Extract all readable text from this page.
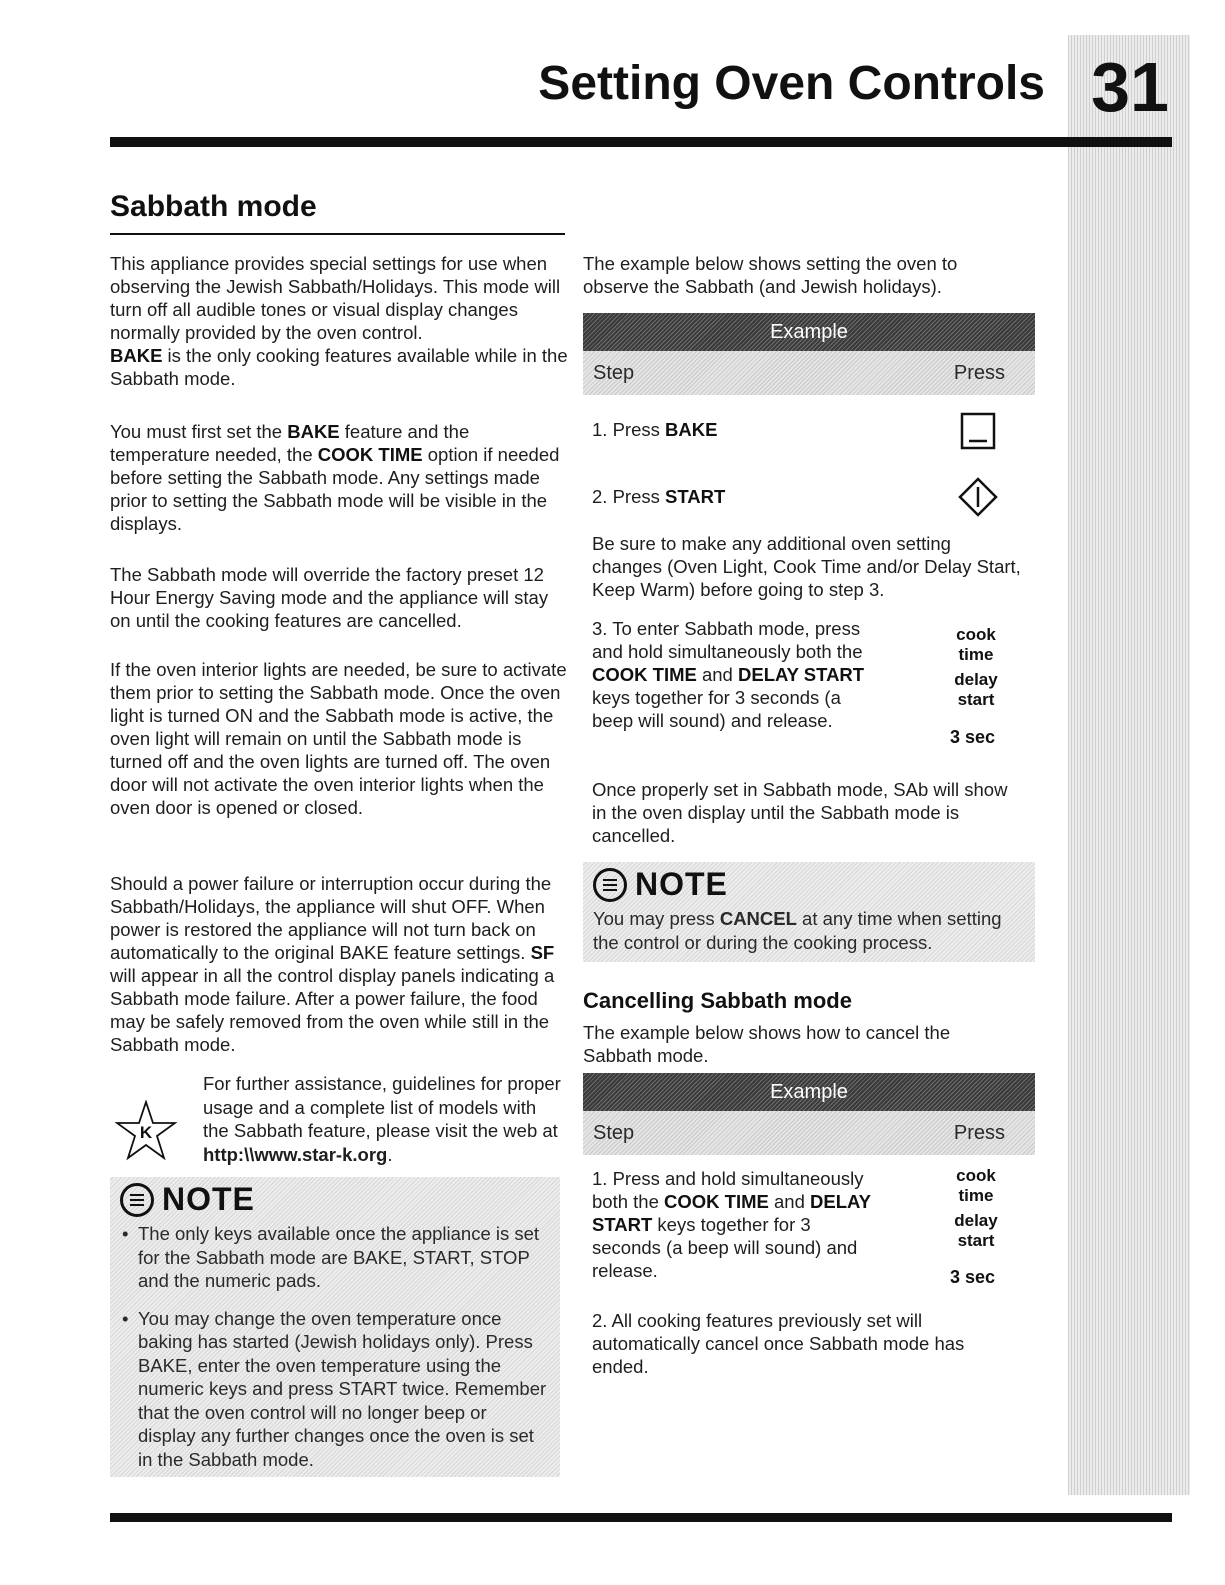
31
Setting Oven Controls
Sabbath mode
This appliance provides special settings for use when observing the Jewish Sabbath/Holidays. This mode will turn off all audible tones or visual display changes normally provided by the oven control.
BAKE is the only cooking features available while in the Sabbath mode.
You must first set the BAKE feature and the temperature needed, the COOK TIME option if needed before setting the Sabbath mode. Any settings made prior to setting the Sabbath mode will be visible in the displays.
The Sabbath mode will override the factory preset 12 Hour Energy Saving mode and the appliance will stay on until the cooking features are cancelled.
If the oven interior lights are needed, be sure to activate them prior to setting the Sabbath mode. Once the oven light is turned ON and the Sabbath mode is active, the oven light will remain on until the Sabbath mode is turned off and the oven lights are turned off. The oven door will not activate the oven interior lights when the oven door is opened or closed.
Should a power failure or interruption occur during the Sabbath/Holidays, the appliance will shut OFF. When power is restored the appliance will not turn back on automatically to the original BAKE feature settings. SF will appear in all the control display panels indicating a Sabbath mode failure. After a power failure, the food may be safely removed from the oven while still in the Sabbath mode.
K
For further assistance, guidelines for proper usage and a complete list of models with the Sabbath feature, please visit the web at http:\\www.star-k.org.
NOTE
• The only keys available once the appliance is set for the Sabbath mode are BAKE, START, STOP and the numeric pads.
• You may change the oven temperature once baking has started (Jewish holidays only). Press BAKE, enter the oven temperature using the numeric keys and press START twice. Remember that the oven control will no longer beep or display any further changes once the oven is set in the Sabbath mode.
The example below shows setting the oven to observe the Sabbath (and Jewish holidays).
Example
Step	Press
1. Press BAKE
2. Press START
Be sure to make any additional oven setting changes (Oven Light, Cook Time and/or Delay Start, Keep Warm) before going to step 3.
3. To enter Sabbath mode, press and hold simultaneously both the COOK TIME and DELAY START keys together for 3 seconds (a beep will sound) and release.
cook
time
delay
start
3 sec
Once properly set in Sabbath mode, SAb will show in the oven display until the Sabbath mode is cancelled.
NOTE
You may press CANCEL at any time when setting the control or during the cooking process.
Cancelling Sabbath mode
The example below shows how to cancel the Sabbath mode.
Example
Step	Press
1. Press and hold simultaneously both the COOK TIME and DELAY START keys together for 3 seconds (a beep will sound) and release.
cook
time
delay
start
3 sec
2. All cooking features previously set will automatically cancel once Sabbath mode has ended.
